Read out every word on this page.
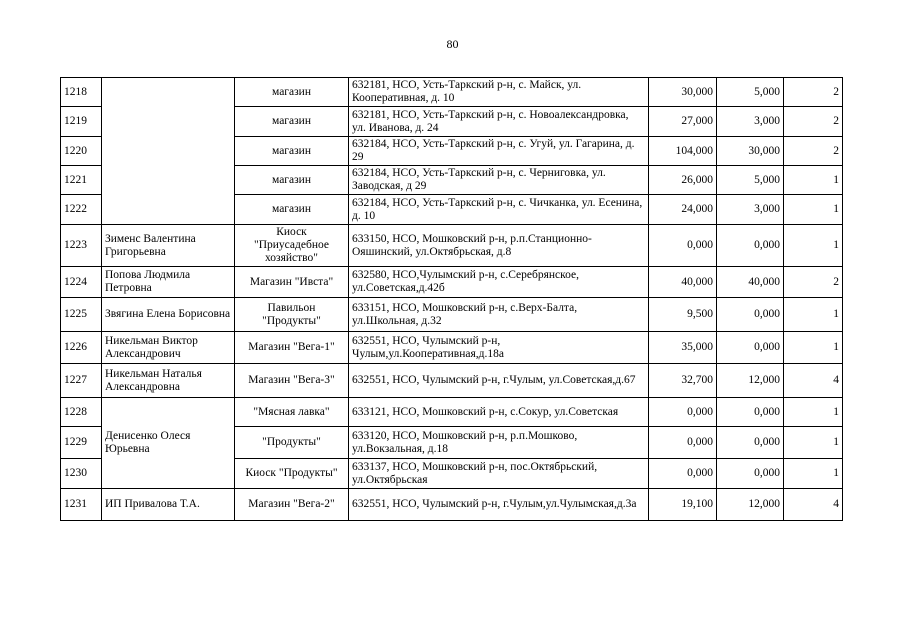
80
1218		магазин	632181, НСО, Усть-Таркский р-н, с. Майск, ул. Кооперативная, д. 10	30,000	5,000	2
1219		магазин	632181, НСО, Усть-Таркский р-н, с. Новоалександровка, ул. Иванова, д. 24	27,000	3,000	2
1220		магазин	632184, НСО, Усть-Таркский р-н, с. Угуй, ул. Гагарина, д. 29	104,000	30,000	2
1221		магазин	632184, НСО, Усть-Таркский р-н, с. Черниговка, ул. Заводская, д 29	26,000	5,000	1
1222		магазин	632184, НСО, Усть-Таркский р-н, с. Чичканка, ул. Есенина, д. 10	24,000	3,000	1
1223	Зименс Валентина Григорьевна	Киоск "Приусадебное хозяйство"	633150, НСО, Мошковский р-н, р.п.Станционно-Ояшинский, ул.Октябрьская, д.8	0,000	0,000	1
1224	Попова Людмила Петровна	Магазин "Ивста"	632580, НСО,Чулымский р-н, с.Серебрянское, ул.Советская,д.42б	40,000	40,000	2
1225	Звягина Елена Борисовна	Павильон "Продукты"	633151, НСО, Мошковский р-н, с.Верх-Балта, ул.Школьная, д.32	9,500	0,000	1
1226	Никельман Виктор Александрович	Магазин "Вега-1"	632551, НСО, Чулымский р-н, Чулым,ул.Кооперативная,д.18а	35,000	0,000	1
1227	Никельман Наталья Александровна	Магазин "Вега-3"	632551, НСО, Чулымский р-н, г.Чулым, ул.Советская,д.67	32,700	12,000	4
1228	Денисенко Олеся Юрьевна	"Мясная лавка"	633121, НСО, Мошковский р-н, с.Сокур, ул.Советская	0,000	0,000	1
1229		"Продукты"	633120, НСО, Мошковский р-н, р.п.Мошково, ул.Вокзальная, д.18	0,000	0,000	1
1230		Киоск "Продукты"	633137, НСО, Мошковский р-н, пос.Октябрьский, ул.Октябрьская	0,000	0,000	1
1231	ИП Привалова Т.А.	Магазин "Вега-2"	632551, НСО, Чулымский р-н, г.Чулым,ул.Чулымская,д.3а	19,100	12,000	4
